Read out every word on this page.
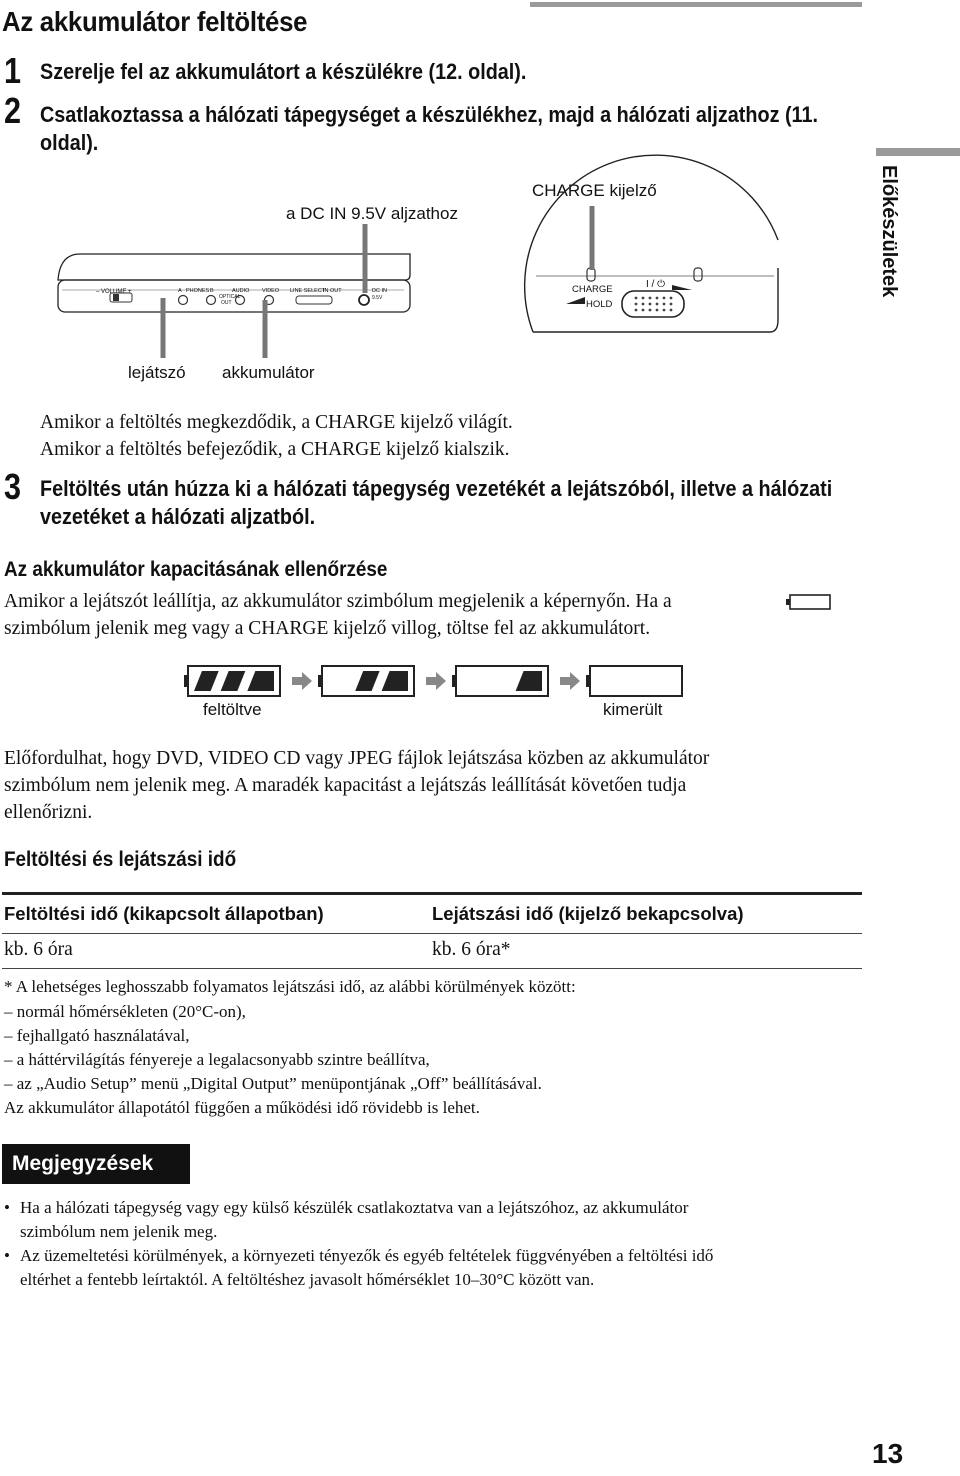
Az akkumulátor feltöltése
Előkészületek
1 Szerelje fel az akkumulátort a készülékre (12. oldal).
2 Csatlakoztassa a hálózati tápegységet a készülékhez, majd a hálózati aljzathoz (11.
oldal).
a DC IN 9.5V aljzathoz
CHARGE kijelző
– VOLUME +	A PHONES B
OPTICAL
OUT
AUDIO VIDEO LINE SELECT
IN OUT	DC IN
9.5V
CHARGE
HOLD
I / ⏻
lejátszó akkumulátor
Amikor a feltöltés megkezdődik, a CHARGE kijelző világít.
Amikor a feltöltés befejeződik, a CHARGE kijelző kialszik.
3 Feltöltés után húzza ki a hálózati tápegység vezetékét a lejátszóból, illetve a hálózati
vezetéket a hálózati aljzatból.
Az akkumulátor kapacitásának ellenőrzése
Amikor a lejátszót leállítja, az akkumulátor szimbólum megjelenik a képernyőn. Ha a
szimbólum jelenik meg vagy a CHARGE kijelző villog, töltse fel az akkumulátort.
feltöltve	kimerült
Előfordulhat, hogy DVD, VIDEO CD vagy JPEG fájlok lejátszása közben az akkumulátor
szimbólum nem jelenik meg. A maradék kapacitást a lejátszás leállítását követően tudja
ellenőrizni.
Feltöltési és lejátszási idő
Feltöltési idő (kikapcsolt állapotban)	Lejátszási idő (kijelző bekapcsolva)
kb. 6 óra	kb. 6 óra*
* A lehetséges leghosszabb folyamatos lejátszási idő, az alábbi körülmények között:
– normál hőmérsékleten (20°C-on),
– fejhallgató használatával,
– a háttérvilágítás fényereje a legalacsonyabb szintre beállítva,
– az „Audio Setup” menü „Digital Output” menüpontjának „Off” beállításával.
Az akkumulátor állapotától függően a működési idő rövidebb is lehet.
Megjegyzések
• Ha a hálózati tápegység vagy egy külső készülék csatlakoztatva van a lejátszóhoz, az akkumulátor
szimbólum nem jelenik meg.
• Az üzemeltetési körülmények, a környezeti tényezők és egyéb feltételek függvényében a feltöltési idő
eltérhet a fentebb leírtaktól. A feltöltéshez javasolt hőmérséklet 10–30°C között van.
13
